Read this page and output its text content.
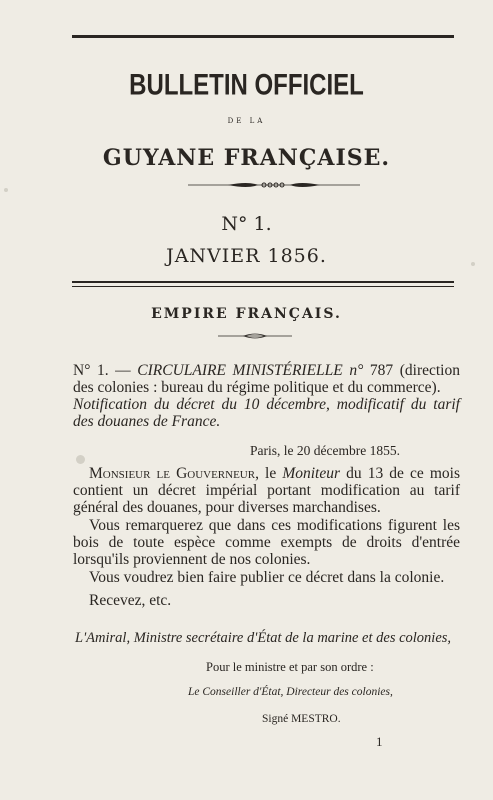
BULLETIN OFFICIEL
DE LA
GUYANE FRANÇAISE.
N° 1.
JANVIER 1856.
EMPIRE FRANÇAIS.
N° 1. — CIRCULAIRE MINISTÉRIELLE n° 787 (direction des colonies : bureau du régime politique et du commerce).
Notification du décret du 10 décembre, modificatif du tarif des douanes de France.
Paris, le 20 décembre 1855.
Monsieur le Gouverneur, le Moniteur du 13 de ce mois contient un décret impérial portant modification au tarif général des douanes, pour diverses marchandises.
Vous remarquerez que dans ces modifications figurent les bois de toute espèce comme exempts de droits d'entrée lorsqu'ils proviennent de nos colonies.
Vous voudrez bien faire publier ce décret dans la colonie.
Recevez, etc.
L'Amiral, Ministre secrétaire d'État de la marine et des colonies,
Pour le ministre et par son ordre :
Le Conseiller d'État, Directeur des colonies,
Signé MESTRO.
1
